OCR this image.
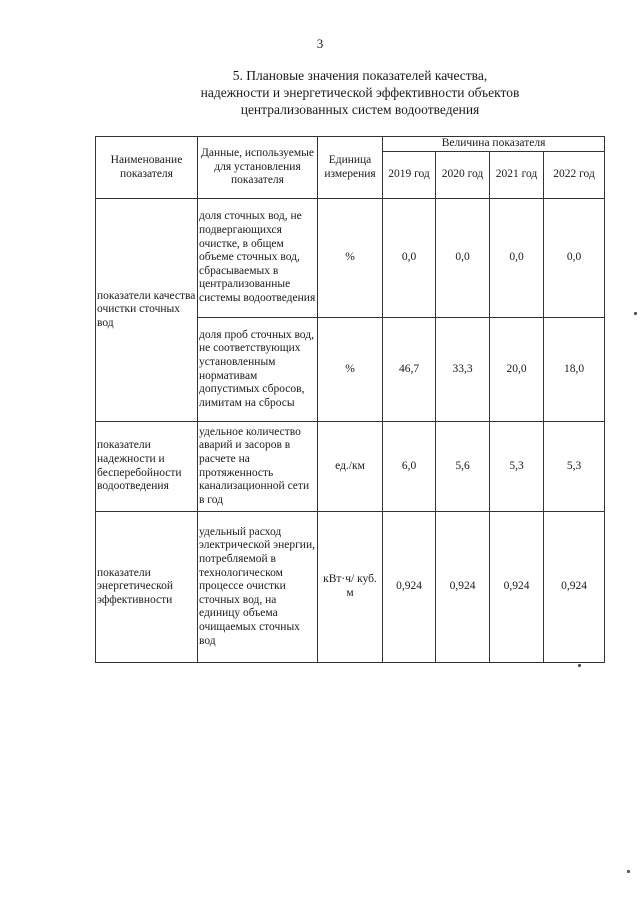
3
5. Плановые значения показателей качества,
надежности и энергетической эффективности объектов
централизованных систем водоотведения
Наименование показателя	Данные, используемые для установления показателя	Единица измерения	Величина показателя			
			2019 год	2020 год	2021 год	2022 год
показатели качества очистки сточных вод	доля сточных вод, не подвергающихся очистке, в общем объеме сточных вод, сбрасываемых в централизованные системы водоотведения	%	0,0	0,0	0,0	0,0
	доля проб сточных вод, не соответствующих установленным нормативам допустимых сбросов, лимитам на сбросы	%	46,7	33,3	20,0	18,0
показатели надежности и бесперебойности водоотведения	удельное количество аварий и засоров в расчете на протяженность канализационной сети в год	ед./км	6,0	5,6	5,3	5,3
показатели энергетической эффективности	удельный расход электрической энергии, потребляемой в технологическом процессе очистки сточных вод, на единицу объема очищаемых сточных вод	кВт·ч/ куб. м	0,924	0,924	0,924	0,924
